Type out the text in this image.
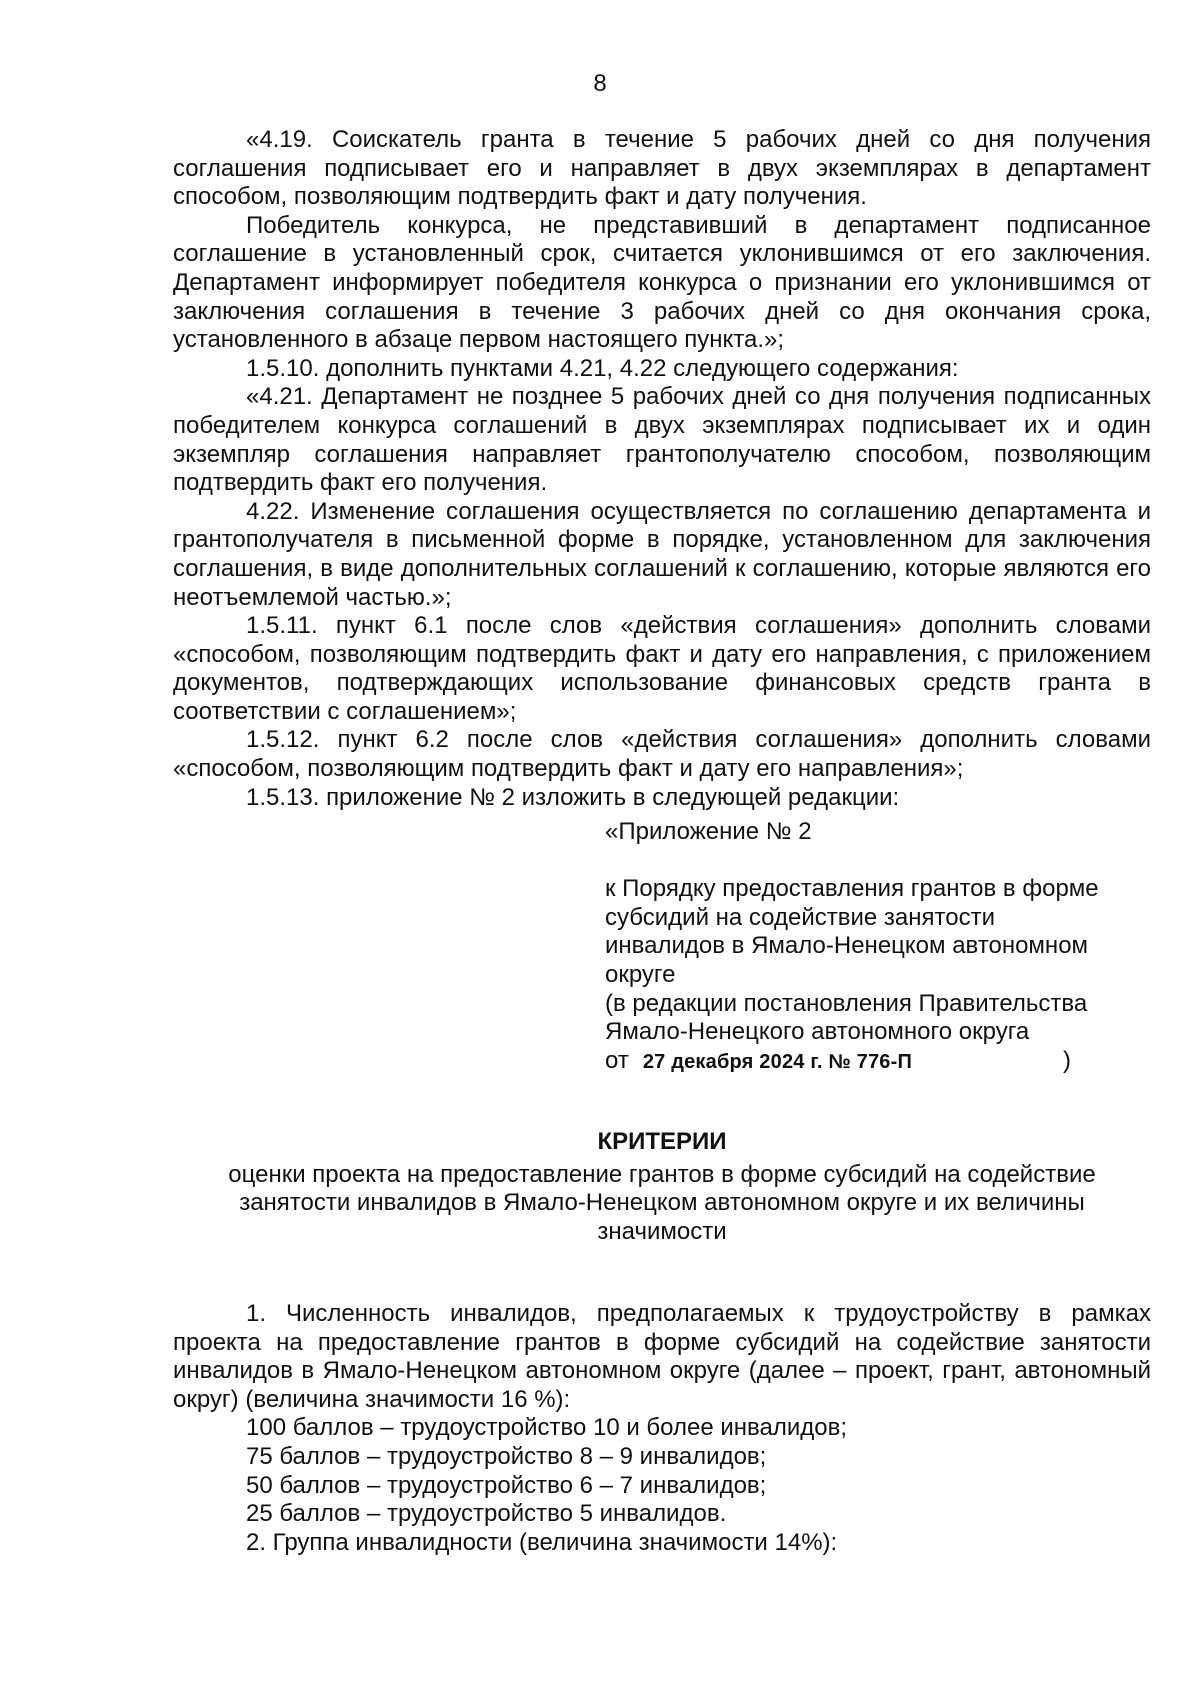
8

«4.19. Соискатель гранта в течение 5 рабочих дней со дня получения соглашения подписывает его и направляет в двух экземплярах в департамент способом, позволяющим подтвердить факт и дату получения.

Победитель конкурса, не представивший в департамент подписанное соглашение в установленный срок, считается уклонившимся от его заключения. Департамент информирует победителя конкурса о признании его уклонившимся от заключения соглашения в течение 3 рабочих дней со дня окончания срока, установленного в абзаце первом настоящего пункта.»;

1.5.10. дополнить пунктами 4.21, 4.22 следующего содержания:

«4.21. Департамент не позднее 5 рабочих дней со дня получения подписанных победителем конкурса соглашений в двух экземплярах подписывает их и один экземпляр соглашения направляет грантополучателю способом, позволяющим подтвердить факт его получения.

4.22. Изменение соглашения осуществляется по соглашению департамента и грантополучателя в письменной форме в порядке, установленном для заключения соглашения, в виде дополнительных соглашений к соглашению, которые являются его неотъемлемой частью.»;

1.5.11. пункт 6.1 после слов «действия соглашения» дополнить словами «способом, позволяющим подтвердить факт и дату его направления, с приложением документов, подтверждающих использование финансовых средств гранта в соответствии с соглашением»;

1.5.12. пункт 6.2 после слов «действия соглашения» дополнить словами «способом, позволяющим подтвердить факт и дату его направления»;

1.5.13. приложение № 2 изложить в следующей редакции:

«Приложение № 2

к Порядку предоставления грантов в форме

субсидий на содействие занятости

инвалидов в Ямало-Ненецком автономном

округе

(в редакции постановления Правительства

Ямало-Ненецкого автономного округа

от 27 декабря 2024 г. № 776-П	)

КРИТЕРИИ

оценки проекта на предоставление грантов в форме субсидий на содействие занятости инвалидов в Ямало-Ненецком автономном округе и их величины значимости

1. Численность инвалидов, предполагаемых к трудоустройству в рамках проекта на предоставление грантов в форме субсидий на содействие занятости инвалидов в Ямало-Ненецком автономном округе (далее – проект, грант, автономный округ) (величина значимости 16 %):

100 баллов – трудоустройство 10 и более инвалидов;

75 баллов – трудоустройство 8 – 9 инвалидов;

50 баллов – трудоустройство 6 – 7 инвалидов;

25 баллов – трудоустройство 5 инвалидов.

2. Группа инвалидности (величина значимости 14%):
